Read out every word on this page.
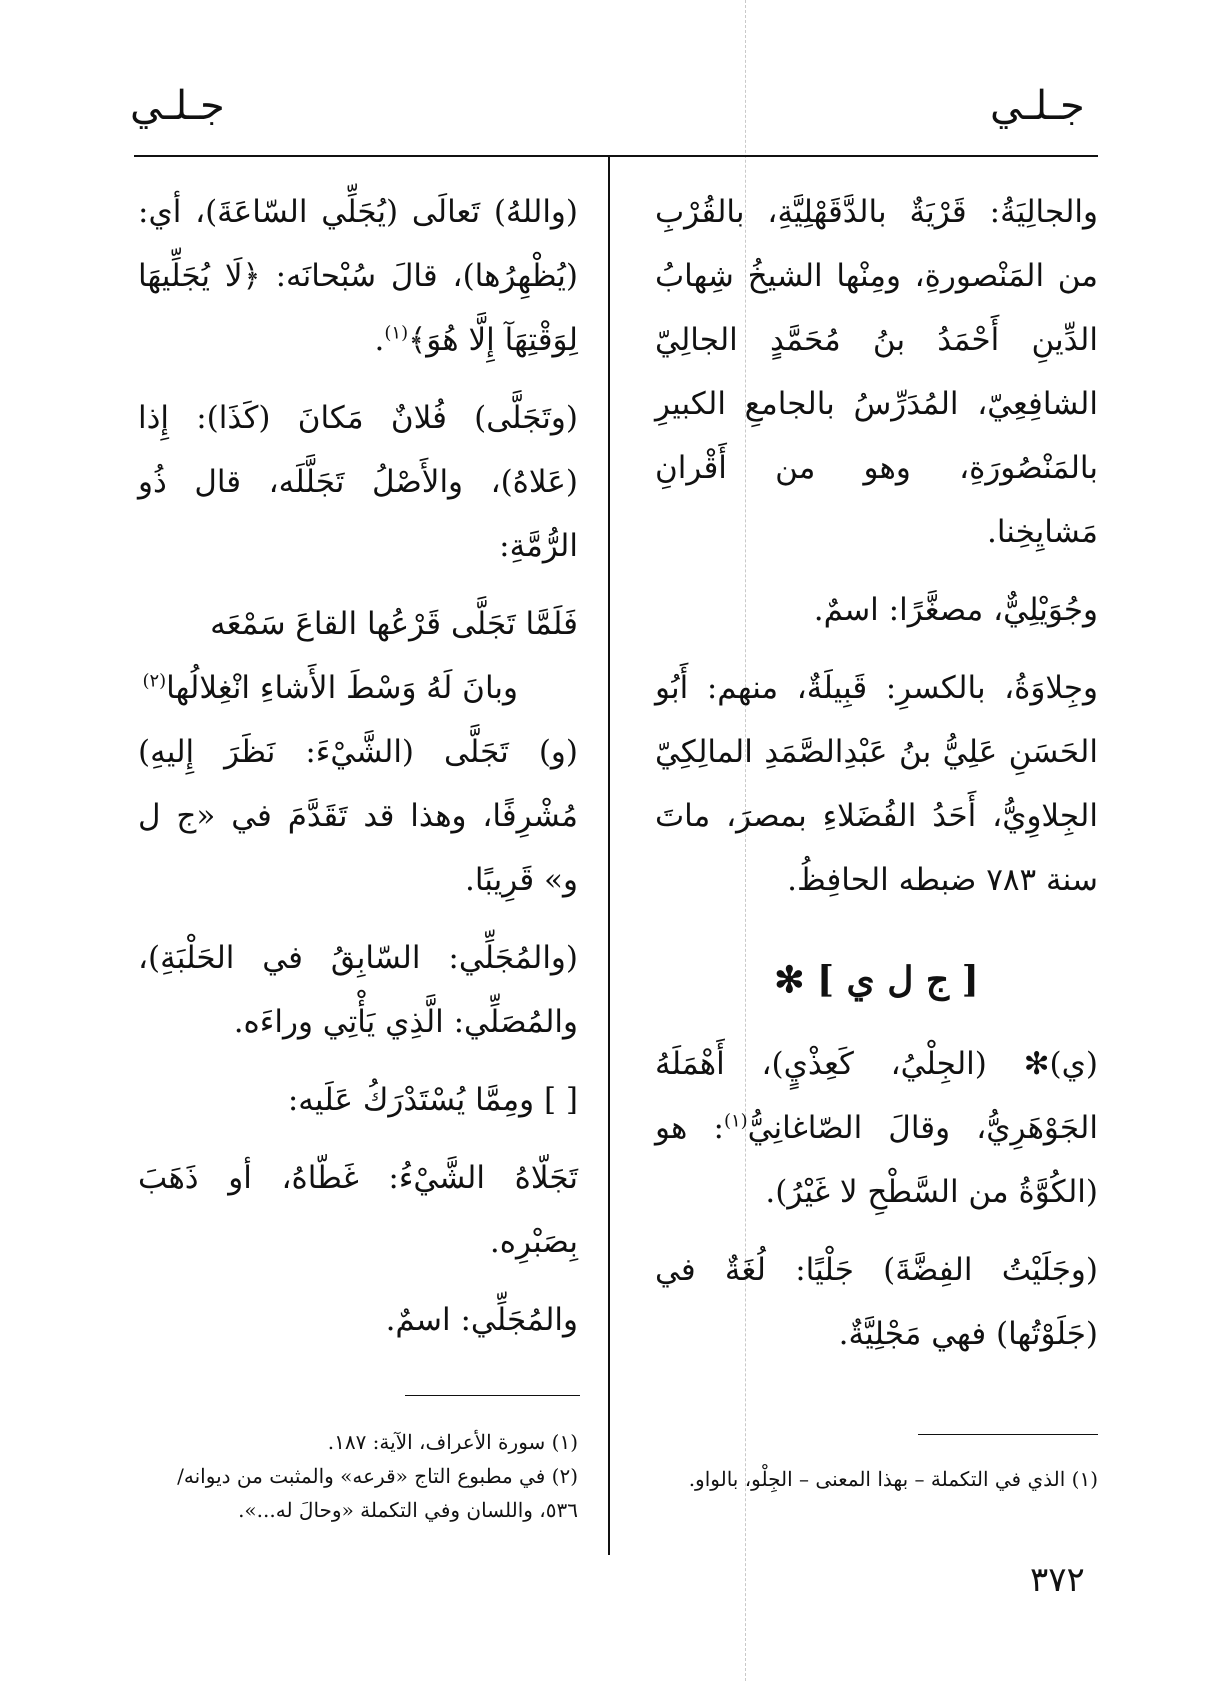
جـلـي
جـلـي

والجالِيَةُ: قَرْيَةٌ بالدَّقَهْلِيَّةِ، بالقُرْبِ من المَنْصورةِ، ومِنْها الشيخُ شِهابُ الدِّينِ أَحْمَدُ بنُ مُحَمَّدٍ الجالِيّ الشافِعِيّ، المُدَرِّسُ بالجامعِ الكبيرِ بالمَنْصُورَةِ، وهو من أَقْرانِ مَشايِخِنا.

وجُوَيْلِيٌّ، مصغَّرًا: اسمٌ.

وجِلاوَةُ، بالكسرِ: قَبِيلَةٌ، منهم: أَبُو الحَسَنِ عَلِيُّ بنُ عَبْدِالصَّمَدِ المالِكِيّ الجِلاوِيُّ، أَحَدُ الفُضَلاءِ بمصرَ، ماتَ سنة ٧٨٣ ضبطه الحافِظُ.

[ ج ل ي ] ✻

(ي)✻ (الجِلْيُ، كَعِذْيٍ)، أَهْمَلَهُ الجَوْهَرِيُّ، وقالَ الصّاغانِيُّ$^{(١)}$: هو (الكُوَّةُ من السَّطْحِ لا غَيْرُ).

(وجَلَيْتُ الفِضَّةَ) جَلْيًا: لُغَةٌ في (جَلَوْتُها) فهي مَجْلِيَّةٌ.

(١) الذي في التكملة – بهذا المعنى – الجِلْو، بالواو.

(واللهُ) تَعالَى (يُجَلِّي السّاعَةَ)، أي: (يُظْهِرُها)، قالَ سُبْحانَه: ﴿لَا يُجَلِّيهَا لِوَقْتِهَآ إِلَّا هُوَ﴾$^{(١)}$.

(وتَجَلَّى) فُلانٌ مَكانَ (كَذَا): إِذا (عَلاهُ)، والأَصْلُ تَجَلَّلَه، قال ذُو الرُّمَّةِ:

فَلَمَّا تَجَلَّى قَرْعُها القاعَ سَمْعَه
وبانَ لَهُ وَسْطَ الأَشاءِ انْغِلالُها$^{(٢)}$

(و) تَجَلَّى (الشَّيْءَ: نَظَرَ إِليهِ) مُشْرِفًا، وهذا قد تَقَدَّمَ في «ج ل و» قَرِيبًا.

(والمُجَلِّي: السّابِقُ في الحَلْبَةِ)، والمُصَلِّي: الَّذِي يَأْتِي وراءَه.

[ ] ومِمَّا يُسْتَدْرَكُ عَلَيه:

تَجَلّاهُ الشَّيْءُ: غَطّاهُ، أو ذَهَبَ بِصَبْرِه.

والمُجَلِّي: اسمٌ.

(١) سورة الأعراف، الآية: ١٨٧.

(٢) في مطبوع التاج «قرعه» والمثبت من ديوانه/ ٥٣٦، واللسان وفي التكملة «وحالَ له...».

٣٧٢
